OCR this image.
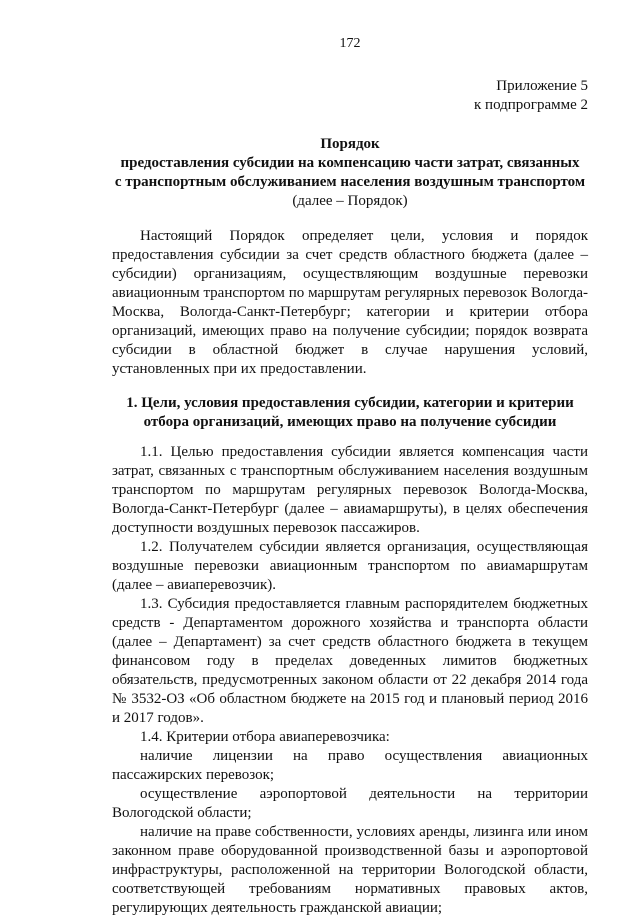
172
Приложение 5
к подпрограмме 2
Порядок
предоставления субсидии на компенсацию части затрат, связанных
с транспортным обслуживанием населения воздушным транспортом
(далее – Порядок)

Настоящий Порядок определяет цели, условия и порядок предоставления субсидии за счет средств областного бюджета (далее – субсидии) организациям, осуществляющим воздушные перевозки авиационным транспортом по маршрутам регулярных перевозок Вологда-Москва, Вологда-Санкт-Петербург; категории и критерии отбора организаций, имеющих право на получение субсидии; порядок возврата субсидии в областной бюджет в случае нарушения условий, установленных при их предоставлении.

1. Цели, условия предоставления субсидии, категории и критерии
отбора организаций, имеющих право на получение субсидии

1.1. Целью предоставления субсидии является компенсация части затрат, связанных с транспортным обслуживанием населения воздушным транспортом по маршрутам регулярных перевозок Вологда-Москва, Вологда-Санкт-Петербург (далее – авиамаршруты), в целях обеспечения доступности воздушных перевозок пассажиров.

1.2. Получателем субсидии является организация, осуществляющая воздушные перевозки авиационным транспортом по авиамаршрутам (далее – авиаперевозчик).

1.3. Субсидия предоставляется главным распорядителем бюджетных средств - Департаментом дорожного хозяйства и транспорта области (далее – Департамент) за счет средств областного бюджета в текущем финансовом году в пределах доведенных лимитов бюджетных обязательств, предусмотренных законом области от 22 декабря 2014 года № 3532-ОЗ «Об областном бюджете на 2015 год и плановый период 2016 и 2017 годов».

1.4. Критерии отбора авиаперевозчика:

наличие лицензии на право осуществления авиационных пассажирских перевозок;

осуществление аэропортовой деятельности на территории Вологодской области;

наличие на праве собственности, условиях аренды, лизинга или ином законном праве оборудованной производственной базы и аэропортовой инфраструктуры, расположенной на территории Вологодской области, соответствующей требованиям нормативных правовых актов, регулирующих деятельность гражданской авиации;
